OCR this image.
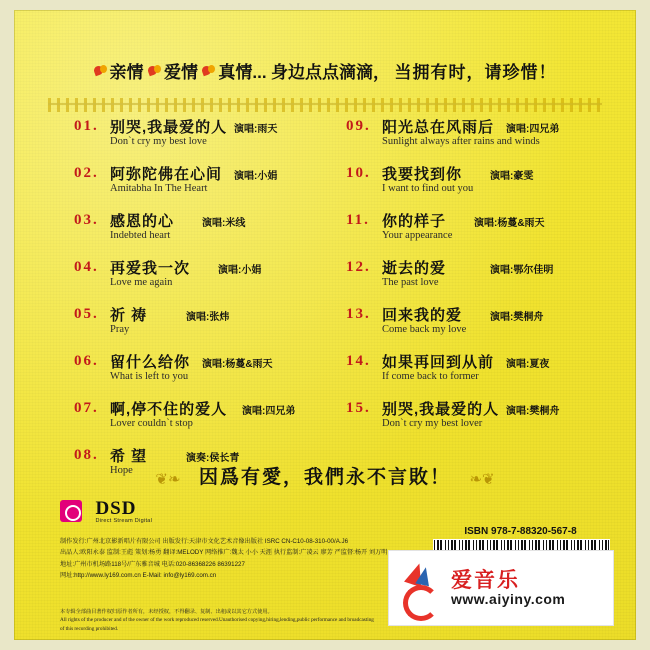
亲情 爱情 真情... 身边点点滴滴， 当拥有时，请珍惜！
01. 别哭,我最爱的人 演唱:雨天
Don`t cry my best love
02. 阿弥陀佛在心间 演唱:小娟
Amitabha In The Heart
03. 感恩的心	演唱:米线
Indebted heart
04. 再爱我一次	演唱:小娟
Love me again
05. 祈 祷	演唱:张炜
Pray
06. 留什么给你 演唱:杨蔓&雨天
What is left to you
07. 啊,停不住的爱人 演唱:四兄弟
Lover couldn`t stop
08. 希 望	演奏:侯长青
Hope
09. 阳光总在风雨后 演唱:四兄弟
Sunlight always after rains and winds
10. 我要找到你	演唱:豪雯
I want to find out you
11. 你的样子	演唱:杨蔓&雨天
Your appearance
12. 逝去的爱	演唱:鄂尔佳明
The past love
13. 回来我的爱	演唱:樊桐舟
Come back my love
14. 如果再回到从前 演唱:夏夜
If come back to former
15. 别哭,我最爱的人 演唱:樊桐舟
Don`t cry my best lover
❦❧ 因爲有愛，我們永不言敗！ ❧❦
DSD
Direct Stream Digital
制作发行:广州北京影新唱片有限公司 出版发行:天津市文化艺术音像出版社 ISRC CN-C10-08-310-00/A.J6
出品人:欧阳永泰 监制:王彪 策划:杨勇 翻译:MELODY 网络推广:魏太 小小 天涯 执行监制:广凌云 廖芳 严监督:杨开 刘万明
地址:广州市机场路118号/广东雅音城 电话:020-86368226 86391227
网址:http://www.ly169.com.cn E-Mail: info@ly169.com.cn
本专辑全部曲目著作权归原作者所有，未经授权，不得翻录、复制、出租或以其它方式使用。
All rights of the producer and of the owner of the work reproduced reserved.Unauthorised copying,hiring,lending,public performance and broadcasting
of this recording prohibited.
ISBN 978-7-88320-567-8
爱音乐
www.aiyiny.com
